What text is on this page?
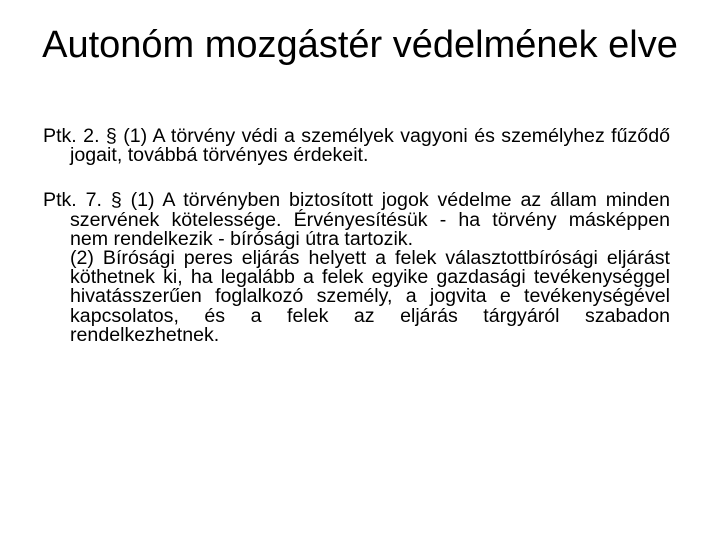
Autonóm mozgástér védelmének elve

Ptk. 2. § (1) A törvény védi a személyek vagyoni és személyhez fűződő jogait, továbbá törvényes érdekeit.

Ptk. 7. § (1) A törvényben biztosított jogok védelme az állam minden szervének kötelessége. Érvényesítésük - ha törvény másképpen nem rendelkezik - bírósági útra tartozik.

(2) Bírósági peres eljárás helyett a felek választottbírósági eljárást köthetnek ki, ha legalább a felek egyike gazdasági tevékenységgel hivatásszerűen foglalkozó személy, a jogvita e tevékenységével kapcsolatos, és a felek az eljárás tárgyáról szabadon rendelkezhetnek.
